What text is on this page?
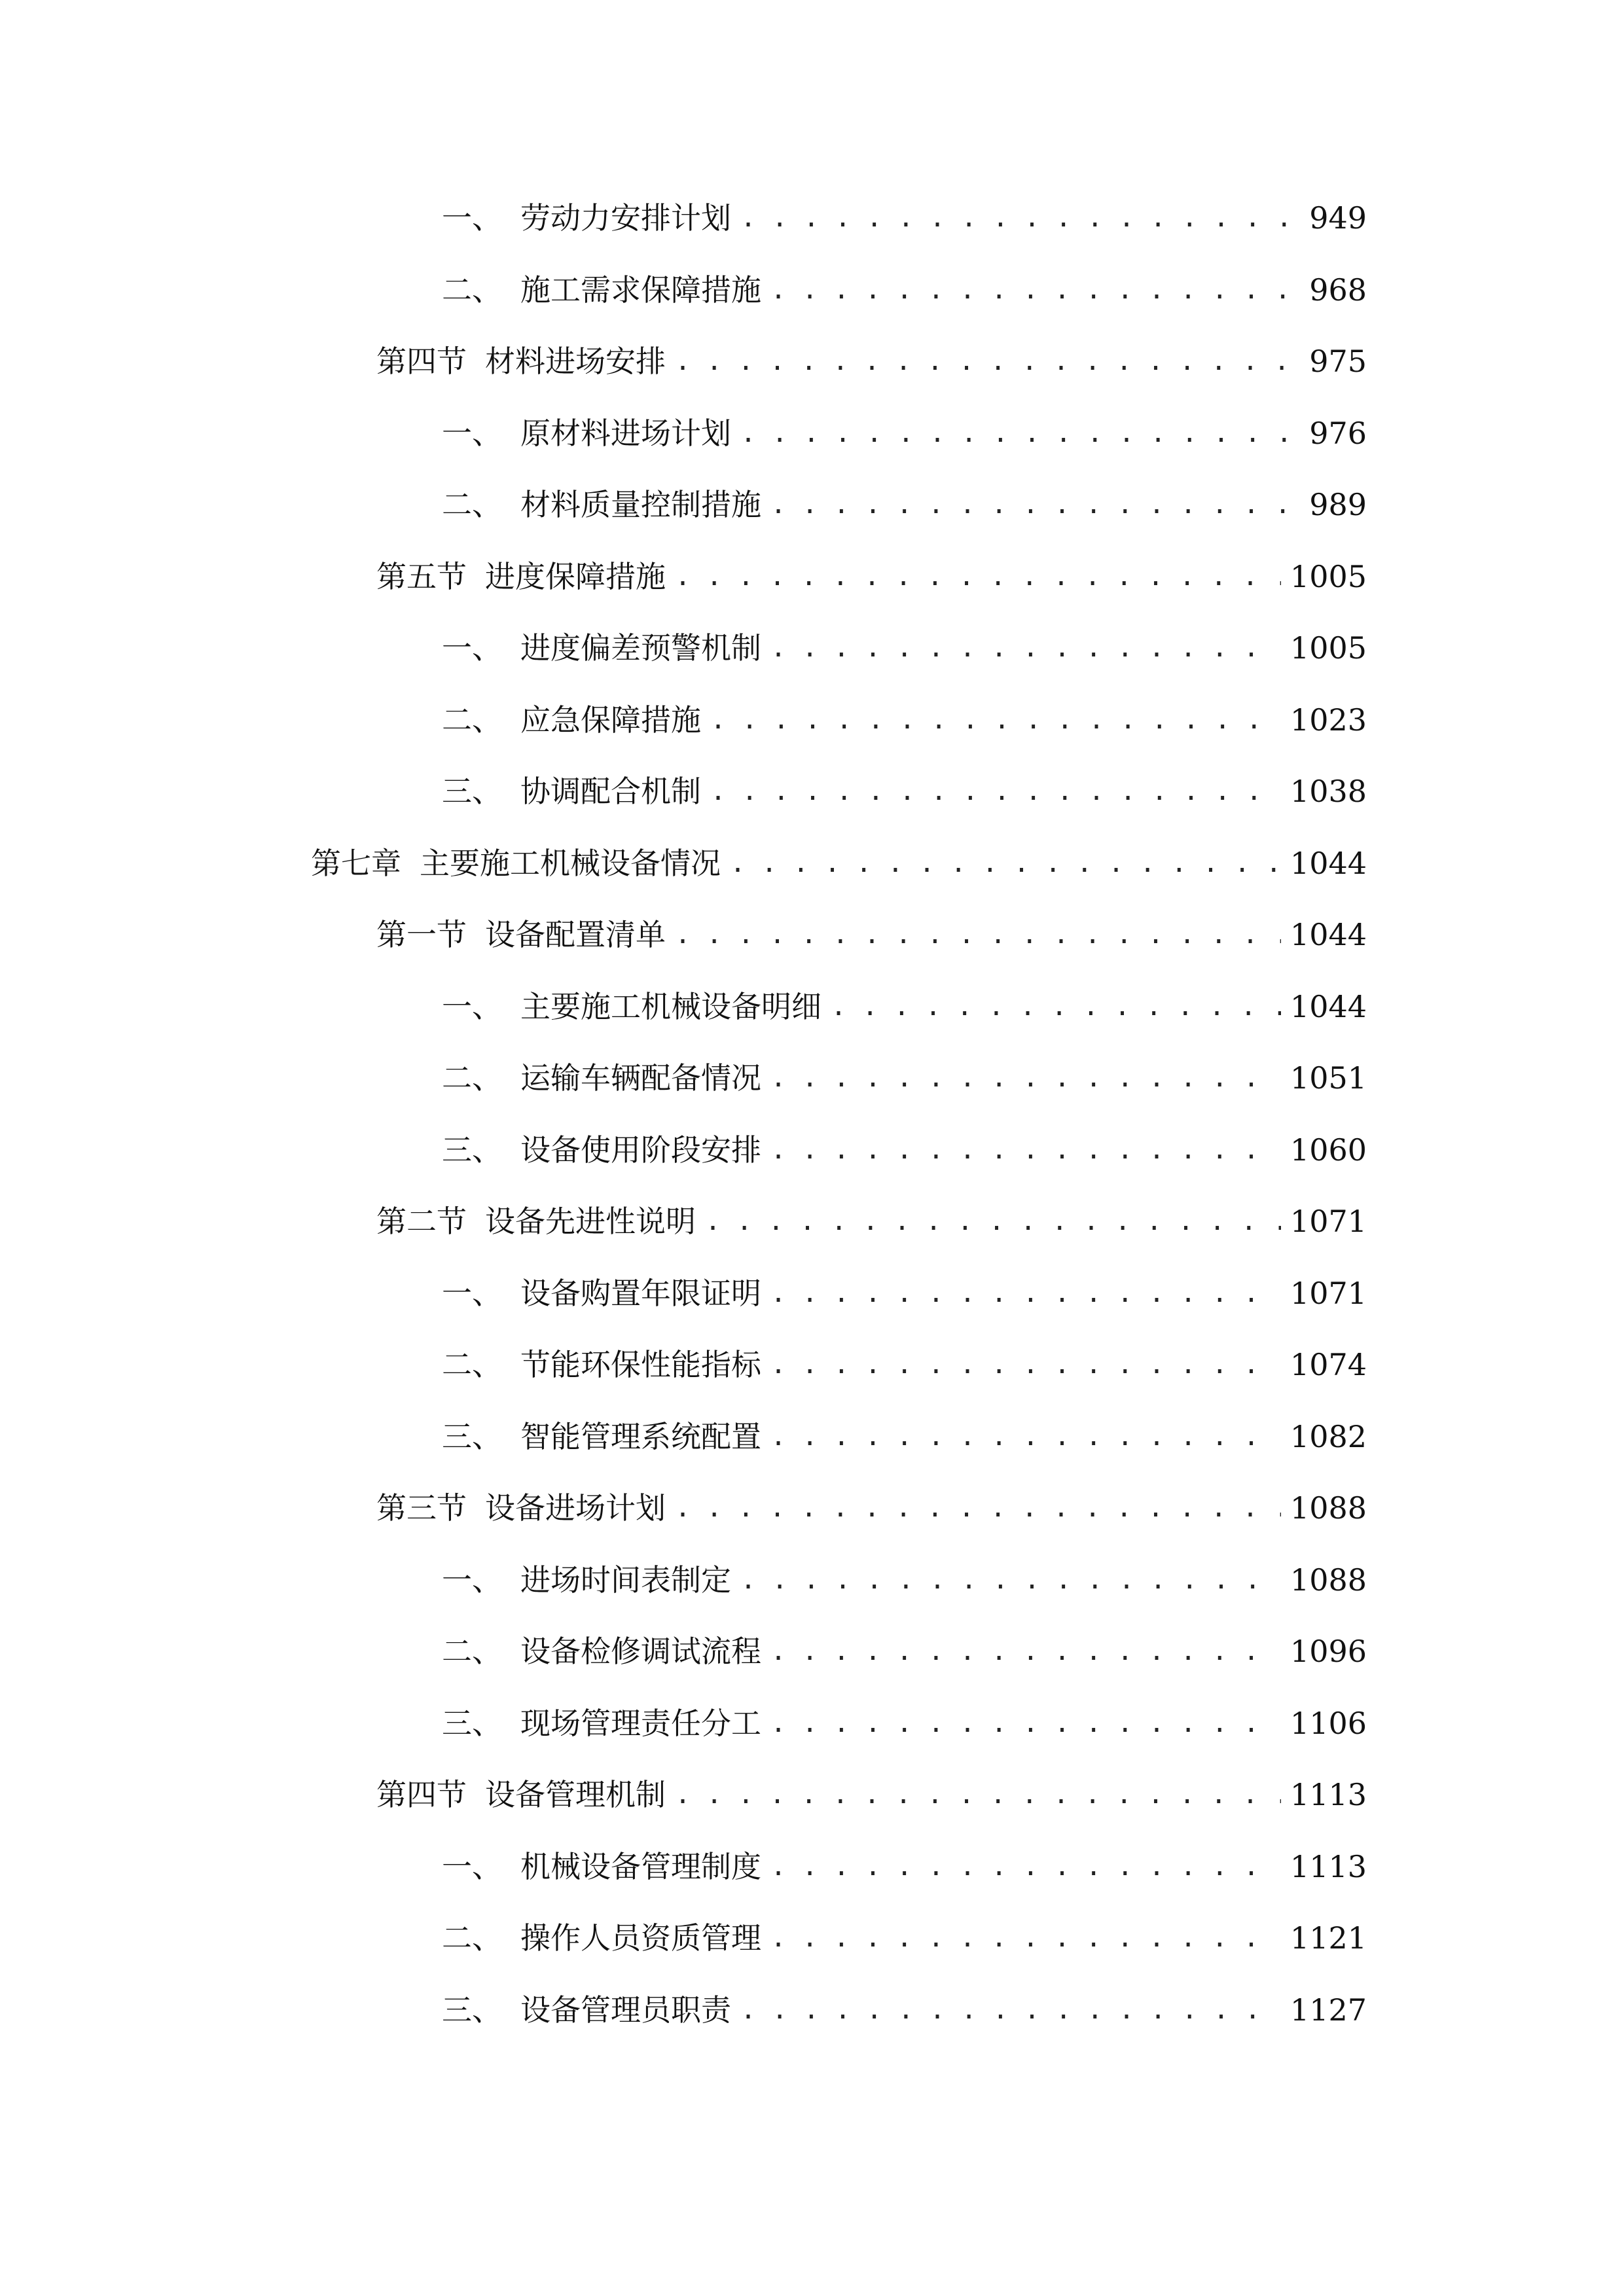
一、 劳动力安排计划 . . .	949
二、 施工需求保障措施 . . .	968
第四节 材料进场安排 . . .	975
一、 原材料进场计划 . . .	976
二、 材料质量控制措施 . . .	989
第五节 进度保障措施 . . .	1005
一、 进度偏差预警机制 . . .	1005
二、 应急保障措施 . . .	1023
三、 协调配合机制 . . .	1038
第七章 主要施工机械设备情况 . . .	1044
第一节 设备配置清单 . . .	1044
一、 主要施工机械设备明细 . . .	1044
二、 运输车辆配备情况 . . .	1051
三、 设备使用阶段安排 . . .	1060
第二节 设备先进性说明 . . .	1071
一、 设备购置年限证明 . . .	1071
二、 节能环保性能指标 . . .	1074
三、 智能管理系统配置 . . .	1082
第三节 设备进场计划 . . .	1088
一、 进场时间表制定 . . .	1088
二、 设备检修调试流程 . . .	1096
三、 现场管理责任分工 . . .	1106
第四节 设备管理机制 . . .	1113
一、 机械设备管理制度 . . .	1113
二、 操作人员资质管理 . . .	1121
三、 设备管理员职责 . . .	1127
